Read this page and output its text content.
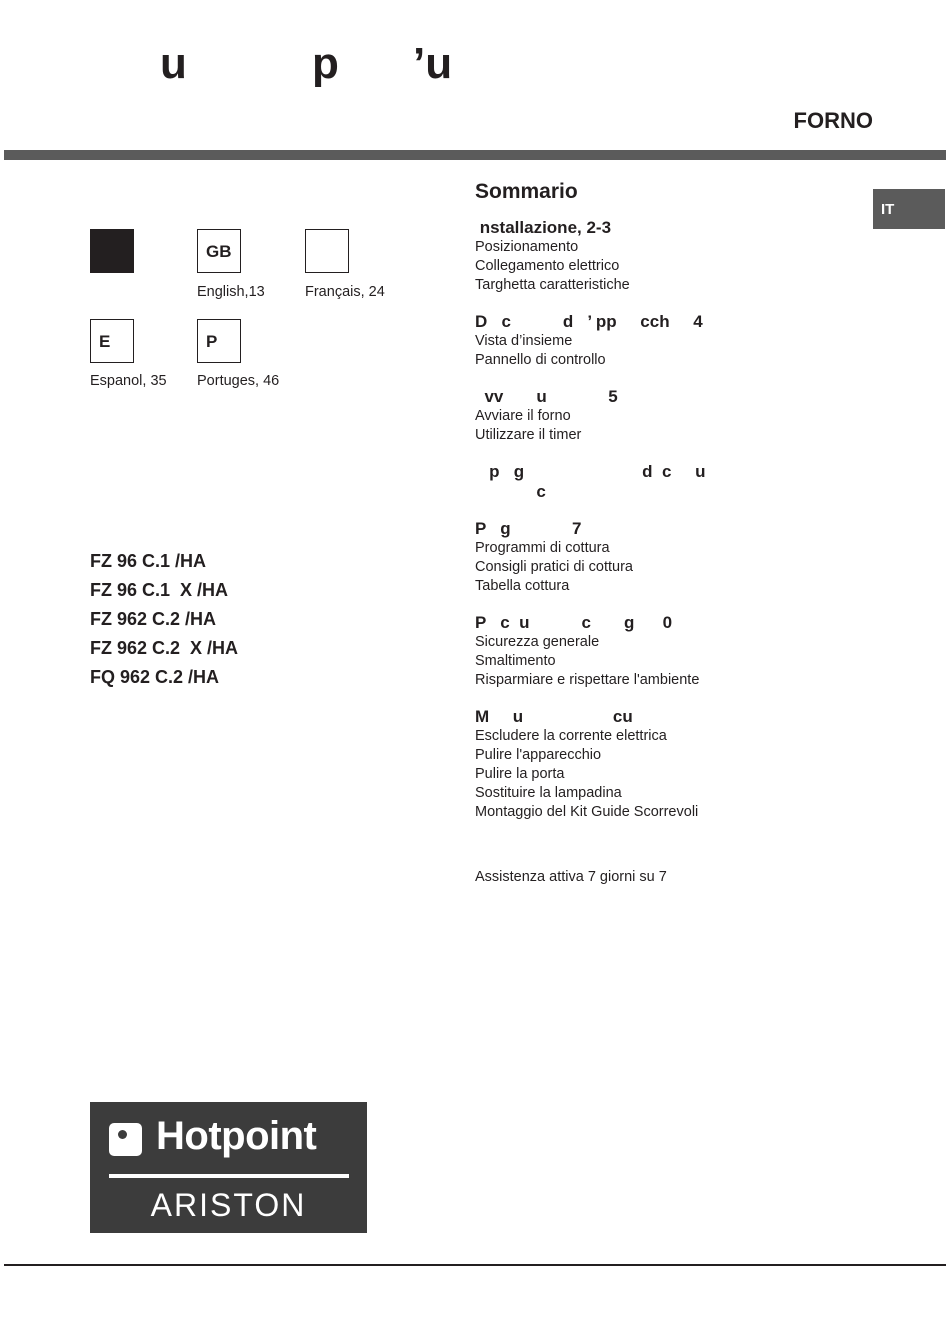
u	p ’u
FORNO
IT
GB
English,13	Français, 24
E
Espanol, 35
P
Portuges, 46
FZ 96 C.1 /HA
FZ 96 C.1  X /HA
FZ 962 C.2 /HA
FZ 962 C.2  X /HA
FQ 962 C.2 /HA
Sommario
nstallazione, 2-3
Posizionamento
Collegamento elettrico
Targhetta caratteristiche
D   c           d   ’ pp     cch     4
Vista d’insieme
Pannello di controllo
vv       u             5
Avviare il forno
Utilizzare il timer
p   g                         d  c     u
c
P   g             7
Programmi di cottura
Consigli pratici di cottura
Tabella cottura
P   c  u           c       g      0
Sicurezza generale
Smaltimento
Risparmiare e rispettare l'ambiente
M     u                   cu
Escludere la corrente elettrica
Pulire l'apparecchio
Pulire la porta
Sostituire la lampadina
Montaggio del Kit Guide Scorrevoli
Assistenza attiva 7 giorni su 7
Hotpoint
ARISTON
